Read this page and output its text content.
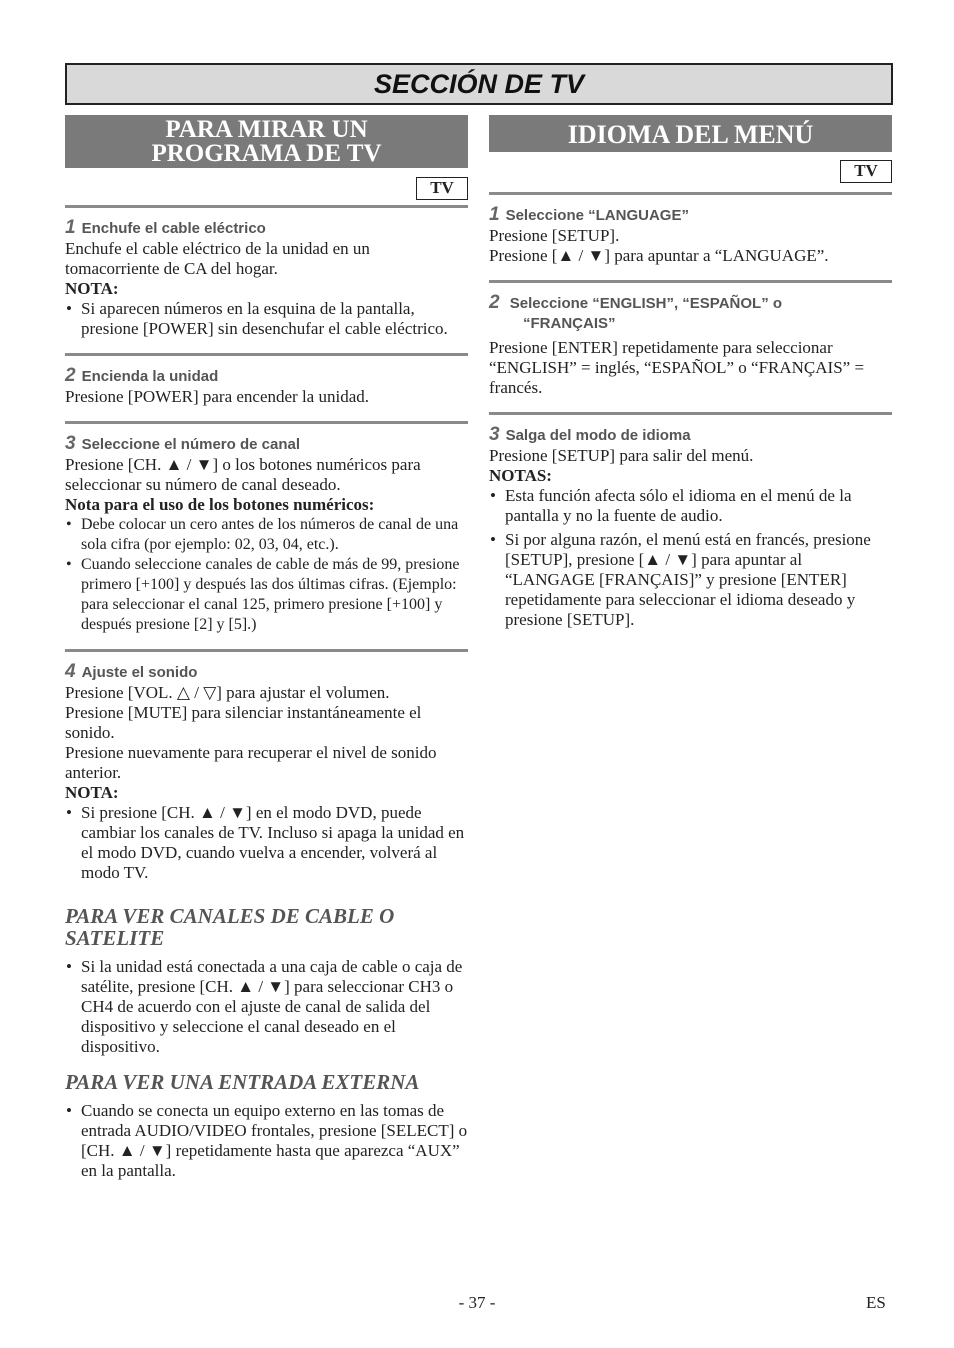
SECCIÓN DE TV
PARA MIRAR UN
PROGRAMA DE TV
TV
1 Enchufe el cable eléctrico

Enchufe el cable eléctrico de la unidad en un tomacorriente de CA del hogar.

NOTA:

• Si aparecen números en la esquina de la pantalla, presione [POWER] sin desenchufar el cable eléctrico.
2 Encienda la unidad

Presione [POWER] para encender la unidad.

3 Seleccione el número de canal

Presione [CH. ▲ / ▼] o los botones numéricos para seleccionar su número de canal deseado.

Nota para el uso de los botones numéricos:

• Debe colocar un cero antes de los números de canal de una sola cifra (por ejemplo: 02, 03, 04, etc.).
• Cuando seleccione canales de cable de más de 99, presione primero [+100] y después las dos últimas cifras. (Ejemplo: para seleccionar el canal 125, primero presione [+100] y después presione [2] y [5].)
4 Ajuste el sonido

Presione [VOL. △ / ▽] para ajustar el volumen.

Presione [MUTE] para silenciar instantáneamente el sonido.

Presione nuevamente para recuperar el nivel de sonido anterior.

NOTA:

• Si presione [CH. ▲ / ▼] en el modo DVD, puede cambiar los canales de TV. Incluso si apaga la unidad en el modo DVD, cuando vuelva a encender, volverá al modo TV.
PARA VER CANALES DE CABLE O SATELITE
• Si la unidad está conectada a una caja de cable o caja de satélite, presione [CH. ▲ / ▼] para seleccionar CH3 o CH4 de acuerdo con el ajuste de canal de salida del dispositivo y seleccione el canal deseado en el dispositivo.
PARA VER UNA ENTRADA EXTERNA
• Cuando se conecta un equipo externo en las tomas de entrada AUDIO/VIDEO frontales, presione [SELECT] o [CH. ▲ / ▼] repetidamente hasta que aparezca “AUX” en la pantalla.
IDIOMA DEL MENÚ
TV
1 Seleccione “LANGUAGE”

Presione [SETUP].

Presione [▲ / ▼] para apuntar a “LANGUAGE”.

2 Seleccione “ENGLISH”, “ESPAÑOL” o
“FRANÇAIS”

Presione [ENTER] repetidamente para seleccionar “ENGLISH” = inglés, “ESPAÑOL” o “FRANÇAIS” = francés.

3 Salga del modo de idioma

Presione [SETUP] para salir del menú.

NOTAS:

• Esta función afecta sólo el idioma en el menú de la pantalla y no la fuente de audio.
• Si por alguna razón, el menú está en francés, presione [SETUP], presione [▲ / ▼] para apuntar al “LANGAGE [FRANÇAIS]” y presione [ENTER] repetidamente para seleccionar el idioma deseado y presione [SETUP].
- 37 -	ES
